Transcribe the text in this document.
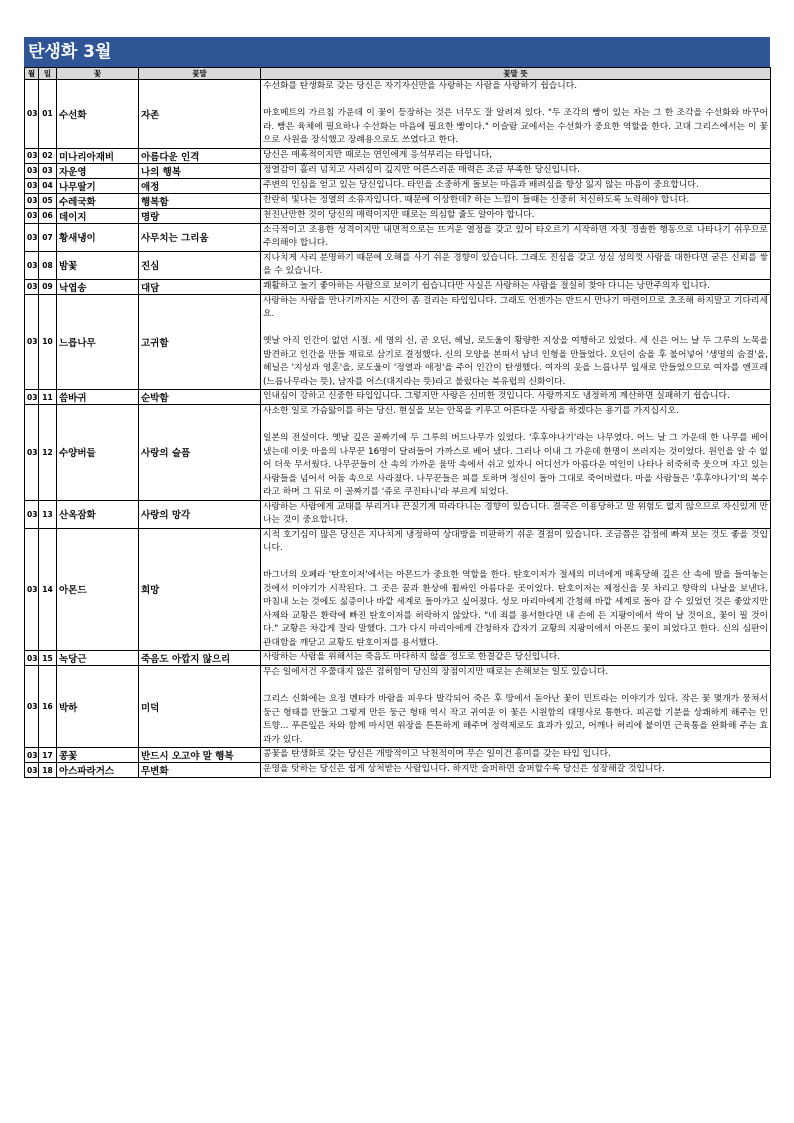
탄생화 3월
월	일	꽃	꽃말	꽃말 뜻
03	01	수선화	자존	수선화를 탄생화로 갖는 당신은 자기자신만을 사랑하는 사람을 사랑하기 쉽습니다.

마호메트의 가르침 가운데 이 꽃이 등장하는 것은 너무도 잘 알려져 있다. "두 조각의 빵이 있는 자는 그 한 조각을 수선화와 바꾸어라. 빵은 육체에 필요하나 수선화는 마음에 필요한 빵이다." 이슬람 교에서는 수선화가 중요한 역할을 한다. 고대 그리스에서는 이 꽃으로 사원을 장식했고 장례용으로도 쓰였다고 한다.

03	02	미나리아재비	아름다운 인격	당신은 매혹적이지만 때로는 연인에게 응석부리는 타입니다,

03	03	자운영	나의 행복	정열감이 흘러 넘치고 사려심이 깊지만 어른스러운 매력은 조금 부족한 당신입니다.

03	04	나무딸기	애정	주변의 인심을 얻고 있는 당신입니다. 타인을 소중하게 돌보는 마음과 배려심을 항상 잃지 않는 마음이 중요합니다.

03	05	수레국화	행복함	찬란히 빛나는 정열의 소유자입니다. 때문에 이상한데? 하는 느낌이 들때는 신중히 처신하도록 노력해야 합니다.

03	06	데이지	명랑	천진난만한 것이 당신의 매력이지만 때로는 의심할 줄도 알아야 합니다.

03	07	황새냉이	사무치는 그리움	소극적이고 조용한 성격이지만 내면적으로는 뜨거운 열정을 갖고 있어 타오르기 시작하면 자칫 경솔한 행동으로 나타나기 쉬우므로 주의해야 합니다.

03	08	밤꽃	진심	지나치게 사리 분명하기 때문에 오해를 사기 쉬운 경향이 있습니다. 그래도 진심을 갖고 성심 성의껏 사람을 대한다면 굳은 신뢰를 쌓을 수 있습니다.

03	09	낙엽송	대담	쾌활하고 놀기 좋아하는 사람으로 보이기 쉽습니다만 사실은 사랑하는 사람을 절실히 찾아 다니는 낭만주의자 입니다.

03	10	느릅나무	고귀함	사랑하는 사람을 만나기까지는 시간이 좀 걸리는 타입입니다. 그래도 언젠가는 반드시 만나기 마련이므로 초조해 하지말고 기다리세요.

옛날 아직 인간이 없던 시절. 세 명의 신, 곧 오딘, 헤닐, 로도울이 황량한 지상을 여행하고 있었다. 세 신은 어느 날 두 그루의 노목을 발견하고 인간을 만들 재료로 삼기로 결정했다. 신의 모양을 본떠서 남녀 인형을 만들었다. 오딘이 숨을 후 불어넣어 '생명의 숨결'을, 헤닐은 '지성과 영혼'을, 로도울이 '정열과 애정'을 주어 인간이 탄생했다. 여자의 옷을 느릅나무 잎새로 만들었으므로 여자를 엔프레(느릅나무라는 뜻), 남자를 어스(대지라는 뜻)라고 불렀다는 북유럽의 신화이다.

03	11	씀바귀	순박함	인내심이 강하고 신중한 타입입니다. 그렇지만 사랑은 신비한 것입니다. 사랑까지도 냉정하게 계산하면 실패하기 쉽습니다.

03	12	수양버들	사랑의 슬픔	사소한 일로 가슴앓이를 하는 당신. 현실을 보는 안목을 키우고 어른다운 사랑을 하겠다는 용기를 가지십시오.

일본의 전설이다. 옛날 깊은 골짜기에 두 그루의 버드나무가 있었다. '후후야나기'라는 나무였다. 어느 날 그 가운데 한 나무를 베어 냈는데 이웃 마을의 나무꾼 16명이 달려들어 가까스로 베어 냈다. 그러나 이내 그 가운데 한명이 쓰러지는 것이었다. 원인을 알 수 없어 더욱 무서웠다. 나무꾼들이 산 속의 가까운 움막 속에서 쉬고 있자니 어디선가 아름다운 여인이 나타나 히죽히죽 웃으며 자고 있는 사람들을 넘어서 어둠 속으로 사라졌다. 나무꾼들은 피를 토하며 정신이 돌아 그대로 죽어버렸다. 마을 사람들은 '후후야나기'의 복수라고 하며 그 뒤로 이 골짜기를 '쥬로 쿠진타니'라 부르게 되었다.

03	13	산옥잠화	사랑의 망각	사랑하는 사람에게 교태를 부리거나 끈질기게 따라다니는 경향이 있습니다. 결국은 이용당하고 말 위험도 없지 않으므로 자신있게 만나는 것이 중요합니다.

03	14	아몬드	희망	시적 호기심이 많은 당신은 지나치게 냉정하여 상대방을 비판하기 쉬운 결점이 있습니다. 조금쯤은 감정에 빠져 보는 것도 좋을 것입니다.

바그너의 오페라 '탄호이저'에서는 아몬드가 중요한 역할을 한다. 탄호이저가 절세의 미녀에게 매혹당해 깊은 산 속에 발을 들여놓는 것에서 이야기가 시작된다. 그 곳은 꿈과 환상에 휩싸인 아름다운 곳이었다. 탄호이저는 제정신을 못 차리고 향락의 나날을 보낸다. 마침내 노는 것에도 싫증이나 바깥 세계로 돌아가고 싶어졌다. 성모 마리아에게 간청해 바깥 세계로 돌아 갈 수 있었던 것은 좋았지만 사제와 교황은 환락에 빠진 탄호이저를 허락하지 않았다. "네 죄를 용서한다면 내 손에 든 지팡이에서 싹이 날 것이요, 꽃이 필 것이다." 교황은 차갑게 잘라 말했다. 그가 다시 마리아에게 간청하자 갑자기 교황의 지팡이에서 아몬드 꽃이 피었다고 한다. 신의 심판이 관대함을 깨닫고 교황도 탄호이저를 용서했다.

03	15	녹당근	죽음도 아깝지 않으리	사랑하는 사람을 위해서는 죽음도 마다하지 않을 정도로 한결같은 당신입니다.

03	16	박하	미덕	무슨 일에서건 우쭐대지 않은 겸허함이 당신의 장점이지만 때로는 손해보는 일도 있습니다.

그리스 신화에는 요정 멘타가 바람을 피우다 발각되어 죽은 후 땅에서 돋아난 꽃이 민트라는 이야기가 있다. 작은 꽃 몇개가 뭉쳐서 둥근 형태를 만들고 그렇게 만든 둥근 형태 역시 작고 귀여운 이 꽃은 시원함의 대명사로 통한다. 피곤할 기분을 상쾌하게 해주는 민트향... 푸른잎은 차와 함께 마시면 위장을 튼튼하게 해주며 정력제로도 효과가 있고, 어깨나 허리에 붙이면 근육통을 완화해 주는 효과가 있다.

03	17	콩꽃	반드시 오고야 말 행복	콩꽃을 탄생화로 갖는 당신은 개방적이고 낙천적이며 무슨 일이건 흥미를 갖는 타입 입니다.

03	18	아스파라거스	무변화	운명을 탓하는 당신은 쉽게 상처받는 사람입니다. 하지만 슬퍼하면 슬퍼할수록 당신은 성장해갈 것입니다.
